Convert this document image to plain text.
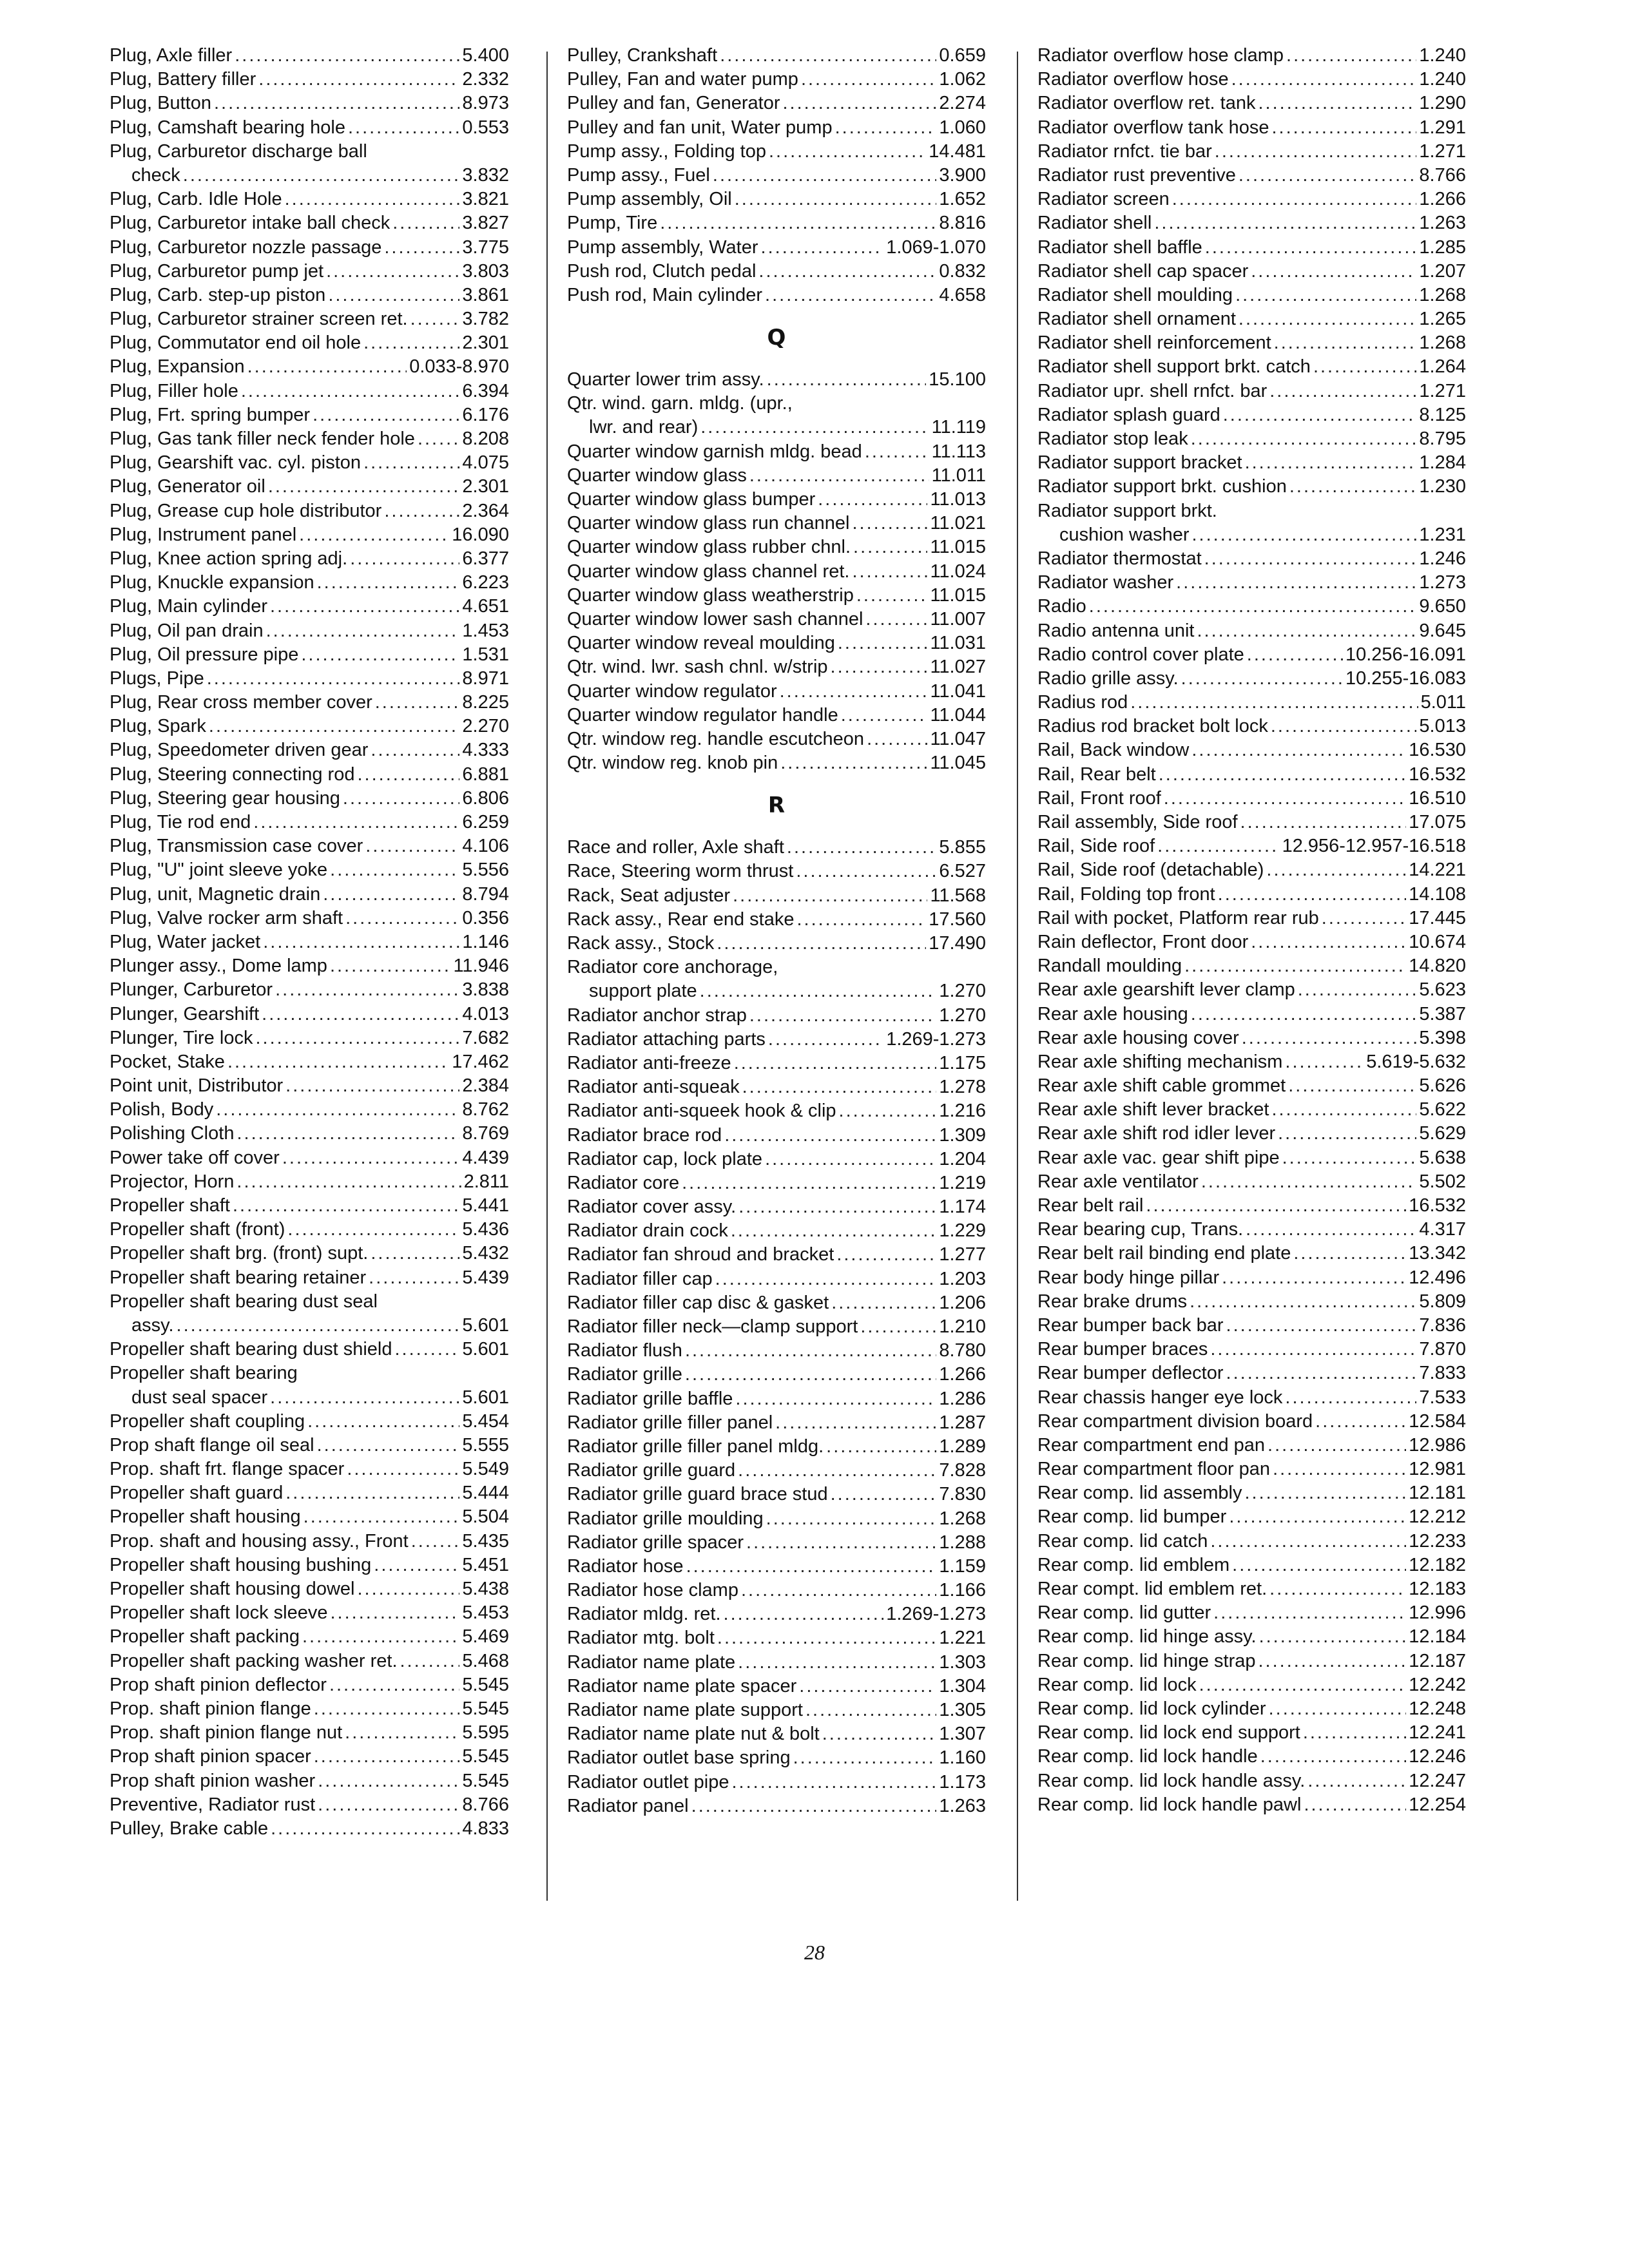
Plug, Axle filler .....	5.400
Plug, Battery filler .....	2.332
Plug, Button .....	8.973
Plug, Camshaft bearing hole .....	0.553
Plug, Carburetor discharge ball
check .....	3.832
Plug, Carb. Idle Hole .....	3.821
Plug, Carburetor intake ball check .....	3.827
Plug, Carburetor nozzle passage .....	3.775
Plug, Carburetor pump jet .....	3.803
Plug, Carb. step-up piston .....	3.861
Plug, Carburetor strainer screen ret. .....	3.782
Plug, Commutator end oil hole .....	2.301
Plug, Expansion .....	0.033-8.970
Plug, Filler hole .....	6.394
Plug, Frt. spring bumper .....	6.176
Plug, Gas tank filler neck fender hole .....	8.208
Plug, Gearshift vac. cyl. piston .....	4.075
Plug, Generator oil .....	2.301
Plug, Grease cup hole distributor .....	2.364
Plug, Instrument panel .....	16.090
Plug, Knee action spring adj. .....	6.377
Plug, Knuckle expansion .....	6.223
Plug, Main cylinder .....	4.651
Plug, Oil pan drain .....	1.453
Plug, Oil pressure pipe .....	1.531
Plugs, Pipe .....	8.971
Plug, Rear cross member cover .....	8.225
Plug, Spark .....	2.270
Plug, Speedometer driven gear .....	4.333
Plug, Steering connecting rod .....	6.881
Plug, Steering gear housing .....	6.806
Plug, Tie rod end .....	6.259
Plug, Transmission case cover .....	4.106
Plug, "U" joint sleeve yoke .....	5.556
Plug, unit, Magnetic drain .....	8.794
Plug, Valve rocker arm shaft .....	0.356
Plug, Water jacket .....	1.146
Plunger assy., Dome lamp .....	11.946
Plunger, Carburetor .....	3.838
Plunger, Gearshift .....	4.013
Plunger, Tire lock .....	7.682
Pocket, Stake .....	17.462
Point unit, Distributor .....	2.384
Polish, Body .....	8.762
Polishing Cloth .....	8.769
Power take off cover .....	4.439
Projector, Horn .....	2.811
Propeller shaft .....	5.441
Propeller shaft (front) .....	5.436
Propeller shaft brg. (front) supt. .....	5.432
Propeller shaft bearing retainer .....	5.439
Propeller shaft bearing dust seal
assy. .....	5.601
Propeller shaft bearing dust shield .....	5.601
Propeller shaft bearing
dust seal spacer .....	5.601
Propeller shaft coupling .....	5.454
Prop shaft flange oil seal .....	5.555
Prop. shaft frt. flange spacer .....	5.549
Propeller shaft guard .....	5.444
Propeller shaft housing .....	5.504
Prop. shaft and housing assy., Front .....	5.435
Propeller shaft housing bushing .....	5.451
Propeller shaft housing dowel .....	5.438
Propeller shaft lock sleeve .....	5.453
Propeller shaft packing .....	5.469
Propeller shaft packing washer ret. .....	5.468
Prop shaft pinion deflector .....	5.545
Prop. shaft pinion flange .....	5.545
Prop. shaft pinion flange nut .....	5.595
Prop shaft pinion spacer .....	5.545
Prop shaft pinion washer .....	5.545
Preventive, Radiator rust .....	8.766
Pulley, Brake cable .....	4.833
Pulley, Crankshaft .....	0.659
Pulley, Fan and water pump .....	1.062
Pulley and fan, Generator .....	2.274
Pulley and fan unit, Water pump .....	1.060
Pump assy., Folding top .....	14.481
Pump assy., Fuel .....	3.900
Pump assembly, Oil .....	1.652
Pump, Tire .....	8.816
Pump assembly, Water .....	1.069-1.070
Push rod, Clutch pedal .....	0.832
Push rod, Main cylinder .....	4.658
Q
Quarter lower trim assy. .....	15.100
Qtr. wind. garn. mldg. (upr.,
lwr. and rear) .....	11.119
Quarter window garnish mldg. bead .....	11.113
Quarter window glass .....	11.011
Quarter window glass bumper .....	11.013
Quarter window glass run channel .....	11.021
Quarter window glass rubber chnl. .....	11.015
Quarter window glass channel ret. .....	11.024
Quarter window glass weatherstrip .....	11.015
Quarter window lower sash channel .....	11.007
Quarter window reveal moulding .....	11.031
Qtr. wind. lwr. sash chnl. w/strip .....	11.027
Quarter window regulator .....	11.041
Quarter window regulator handle .....	11.044
Qtr. window reg. handle escutcheon .....	11.047
Qtr. window reg. knob pin .....	11.045
R
Race and roller, Axle shaft .....	5.855
Race, Steering worm thrust .....	6.527
Rack, Seat adjuster .....	11.568
Rack assy., Rear end stake .....	17.560
Rack assy., Stock .....	17.490
Radiator core anchorage,
support plate .....	1.270
Radiator anchor strap .....	1.270
Radiator attaching parts .....	1.269-1.273
Radiator anti-freeze .....	1.175
Radiator anti-squeak .....	1.278
Radiator anti-squeek hook & clip .....	1.216
Radiator brace rod .....	1.309
Radiator cap, lock plate .....	1.204
Radiator core .....	1.219
Radiator cover assy. .....	1.174
Radiator drain cock .....	1.229
Radiator fan shroud and bracket .....	1.277
Radiator filler cap .....	1.203
Radiator filler cap disc & gasket .....	1.206
Radiator filler neck—clamp support .....	1.210
Radiator flush .....	8.780
Radiator grille .....	1.266
Radiator grille baffle .....	1.286
Radiator grille filler panel .....	1.287
Radiator grille filler panel mldg. .....	1.289
Radiator grille guard .....	7.828
Radiator grille guard brace stud .....	7.830
Radiator grille moulding .....	1.268
Radiator grille spacer .....	1.288
Radiator hose .....	1.159
Radiator hose clamp .....	1.166
Radiator mldg. ret. .....	1.269-1.273
Radiator mtg. bolt .....	1.221
Radiator name plate .....	1.303
Radiator name plate spacer .....	1.304
Radiator name plate support .....	1.305
Radiator name plate nut & bolt .....	1.307
Radiator outlet base spring .....	1.160
Radiator outlet pipe .....	1.173
Radiator panel .....	1.263
Radiator overflow hose clamp .....	1.240
Radiator overflow hose .....	1.240
Radiator overflow ret. tank .....	1.290
Radiator overflow tank hose .....	1.291
Radiator rnfct. tie bar .....	1.271
Radiator rust preventive .....	8.766
Radiator screen .....	1.266
Radiator shell .....	1.263
Radiator shell baffle .....	1.285
Radiator shell cap spacer .....	1.207
Radiator shell moulding .....	1.268
Radiator shell ornament .....	1.265
Radiator shell reinforcement .....	1.268
Radiator shell support brkt. catch .....	1.264
Radiator upr. shell rnfct. bar .....	1.271
Radiator splash guard .....	8.125
Radiator stop leak .....	8.795
Radiator support bracket .....	1.284
Radiator support brkt. cushion .....	1.230
Radiator support brkt.
cushion washer .....	1.231
Radiator thermostat .....	1.246
Radiator washer .....	1.273
Radio .....	9.650
Radio antenna unit .....	9.645
Radio control cover plate .....	10.256-16.091
Radio grille assy. .....	10.255-16.083
Radius rod .....	5.011
Radius rod bracket bolt lock .....	5.013
Rail, Back window .....	16.530
Rail, Rear belt .....	16.532
Rail, Front roof .....	16.510
Rail assembly, Side roof .....	17.075
Rail, Side roof .....	12.956-12.957-16.518
Rail, Side roof (detachable) .....	14.221
Rail, Folding top front .....	14.108
Rail with pocket, Platform rear rub .....	17.445
Rain deflector, Front door .....	10.674
Randall moulding .....	14.820
Rear axle gearshift lever clamp .....	5.623
Rear axle housing .....	5.387
Rear axle housing cover .....	5.398
Rear axle shifting mechanism .....	5.619-5.632
Rear axle shift cable grommet .....	5.626
Rear axle shift lever bracket .....	5.622
Rear axle shift rod idler lever .....	5.629
Rear axle vac. gear shift pipe .....	5.638
Rear axle ventilator .....	5.502
Rear belt rail .....	16.532
Rear bearing cup, Trans. .....	4.317
Rear belt rail binding end plate .....	13.342
Rear body hinge pillar .....	12.496
Rear brake drums .....	5.809
Rear bumper back bar .....	7.836
Rear bumper braces .....	7.870
Rear bumper deflector .....	7.833
Rear chassis hanger eye lock .....	7.533
Rear compartment division board .....	12.584
Rear compartment end pan .....	12.986
Rear compartment floor pan .....	12.981
Rear comp. lid assembly .....	12.181
Rear comp. lid bumper .....	12.212
Rear comp. lid catch .....	12.233
Rear comp. lid emblem .....	12.182
Rear compt. lid emblem ret. .....	12.183
Rear comp. lid gutter .....	12.996
Rear comp. lid hinge assy. .....	12.184
Rear comp. lid hinge strap .....	12.187
Rear comp. lid lock .....	12.242
Rear comp. lid lock cylinder .....	12.248
Rear comp. lid lock end support .....	12.241
Rear comp. lid lock handle .....	12.246
Rear comp. lid lock handle assy. .....	12.247
Rear comp. lid lock handle pawl .....	12.254
28
